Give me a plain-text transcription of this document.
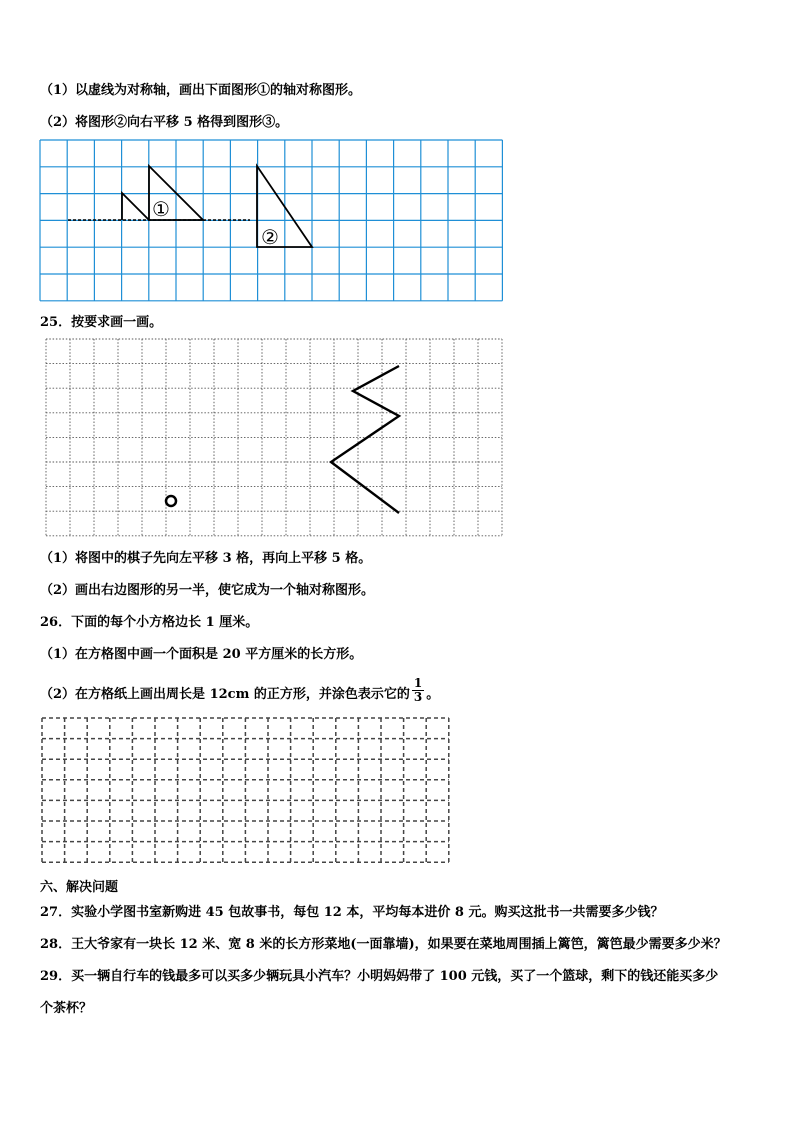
（1）以虚线为对称轴，画出下面图形①的轴对称图形。
（2）将图形②向右平移 5 格得到图形③。
①
②
25．按要求画一画。
（1）将图中的棋子先向左平移 3 格，再向上平移 5 格。
（2）画出右边图形的另一半，使它成为一个轴对称图形。
26．下面的每个小方格边长 1 厘米。
（1）在方格图中画一个面积是 20 平方厘米的长方形。
（2）在方格纸上画出周长是 12cm 的正方形，并涂色表示它的 $\frac{1}{3}$ 。
六、解决问题
27．实验小学图书室新购进 45 包故事书，每包 12 本，平均每本进价 8 元。购买这批书一共需要多少钱？
28．王大爷家有一块长 12 米、宽 8 米的长方形菜地(一面靠墙)，如果要在菜地周围插上篱笆，篱笆最少需要多少米？
29．买一辆自行车的钱最多可以买多少辆玩具小汽车？小明妈妈带了 100 元钱，买了一个篮球，剩下的钱还能买多少
个茶杯？
